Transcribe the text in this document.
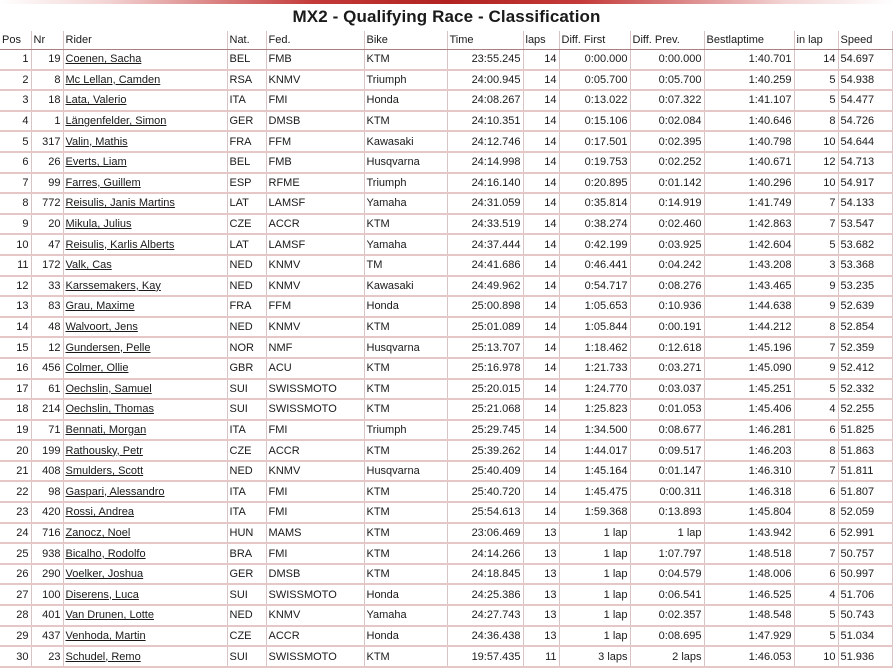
MX2 - Qualifying Race - Classification
Pos	Nr	Rider	Nat.	Fed.	Bike	Time	laps	Diff. First	Diff. Prev.	Bestlaptime	in lap	Speed
1	19	Coenen, Sacha	BEL	FMB	KTM	23:55.245	14	0:00.000	0:00.000	1:40.701	14	54.697
2	8	Mc Lellan, Camden	RSA	KNMV	Triumph	24:00.945	14	0:05.700	0:05.700	1:40.259	5	54.938
3	18	Lata, Valerio	ITA	FMI	Honda	24:08.267	14	0:13.022	0:07.322	1:41.107	5	54.477
4	1	Längenfelder, Simon	GER	DMSB	KTM	24:10.351	14	0:15.106	0:02.084	1:40.646	8	54.726
5	317	Valin, Mathis	FRA	FFM	Kawasaki	24:12.746	14	0:17.501	0:02.395	1:40.798	10	54.644
6	26	Everts, Liam	BEL	FMB	Husqvarna	24:14.998	14	0:19.753	0:02.252	1:40.671	12	54.713
7	99	Farres, Guillem	ESP	RFME	Triumph	24:16.140	14	0:20.895	0:01.142	1:40.296	10	54.917
8	772	Reisulis, Janis Martins	LAT	LAMSF	Yamaha	24:31.059	14	0:35.814	0:14.919	1:41.749	7	54.133
9	20	Mikula, Julius	CZE	ACCR	KTM	24:33.519	14	0:38.274	0:02.460	1:42.863	7	53.547
10	47	Reisulis, Karlis Alberts	LAT	LAMSF	Yamaha	24:37.444	14	0:42.199	0:03.925	1:42.604	5	53.682
11	172	Valk, Cas	NED	KNMV	TM	24:41.686	14	0:46.441	0:04.242	1:43.208	3	53.368
12	33	Karssemakers, Kay	NED	KNMV	Kawasaki	24:49.962	14	0:54.717	0:08.276	1:43.465	9	53.235
13	83	Grau, Maxime	FRA	FFM	Honda	25:00.898	14	1:05.653	0:10.936	1:44.638	9	52.639
14	48	Walvoort, Jens	NED	KNMV	KTM	25:01.089	14	1:05.844	0:00.191	1:44.212	8	52.854
15	12	Gundersen, Pelle	NOR	NMF	Husqvarna	25:13.707	14	1:18.462	0:12.618	1:45.196	7	52.359
16	456	Colmer, Ollie	GBR	ACU	KTM	25:16.978	14	1:21.733	0:03.271	1:45.090	9	52.412
17	61	Oechslin, Samuel	SUI	SWISSMOTO	KTM	25:20.015	14	1:24.770	0:03.037	1:45.251	5	52.332
18	214	Oechslin, Thomas	SUI	SWISSMOTO	KTM	25:21.068	14	1:25.823	0:01.053	1:45.406	4	52.255
19	71	Bennati, Morgan	ITA	FMI	Triumph	25:29.745	14	1:34.500	0:08.677	1:46.281	6	51.825
20	199	Rathousky, Petr	CZE	ACCR	KTM	25:39.262	14	1:44.017	0:09.517	1:46.203	8	51.863
21	408	Smulders, Scott	NED	KNMV	Husqvarna	25:40.409	14	1:45.164	0:01.147	1:46.310	7	51.811
22	98	Gaspari, Alessandro	ITA	FMI	KTM	25:40.720	14	1:45.475	0:00.311	1:46.318	6	51.807
23	420	Rossi, Andrea	ITA	FMI	KTM	25:54.613	14	1:59.368	0:13.893	1:45.804	8	52.059
24	716	Zanocz, Noel	HUN	MAMS	KTM	23:06.469	13	1 lap	1 lap	1:43.942	6	52.991
25	938	Bicalho, Rodolfo	BRA	FMI	KTM	24:14.266	13	1 lap	1:07.797	1:48.518	7	50.757
26	290	Voelker, Joshua	GER	DMSB	KTM	24:18.845	13	1 lap	0:04.579	1:48.006	6	50.997
27	100	Diserens, Luca	SUI	SWISSMOTO	Honda	24:25.386	13	1 lap	0:06.541	1:46.525	4	51.706
28	401	Van Drunen, Lotte	NED	KNMV	Yamaha	24:27.743	13	1 lap	0:02.357	1:48.548	5	50.743
29	437	Venhoda, Martin	CZE	ACCR	Honda	24:36.438	13	1 lap	0:08.695	1:47.929	5	51.034
30	23	Schudel, Remo	SUI	SWISSMOTO	KTM	19:57.435	11	3 laps	2 laps	1:46.053	10	51.936
